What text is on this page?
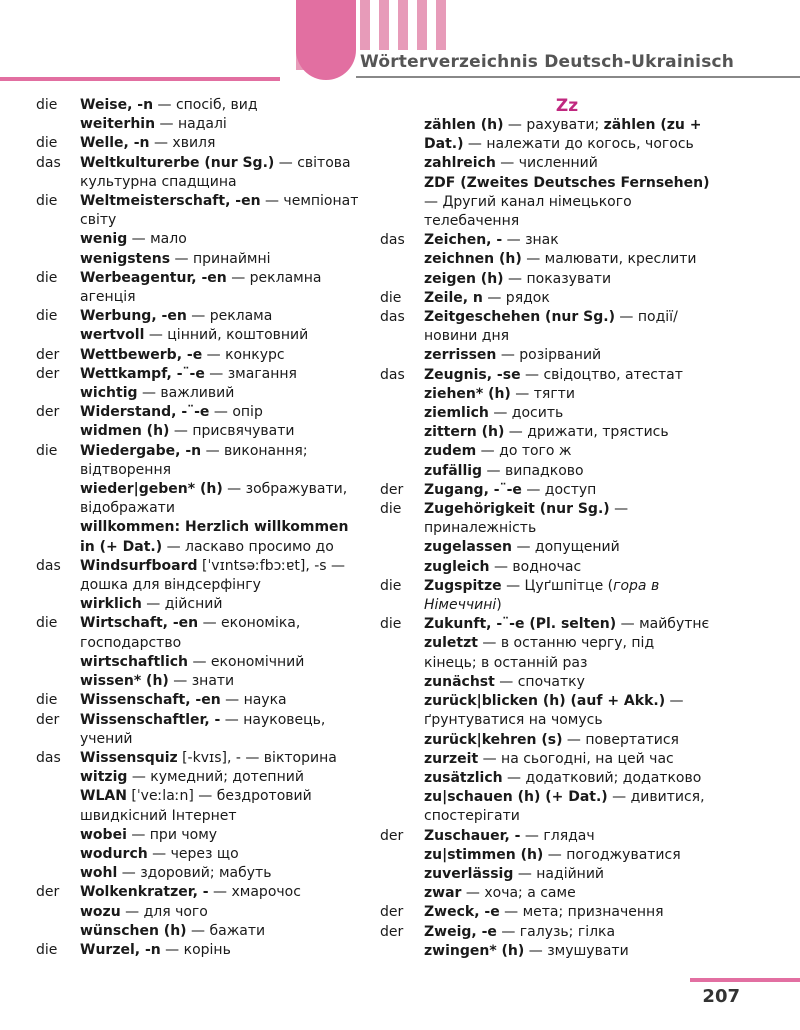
Wörterverzeichnis Deutsch-Ukrainisch
die	Weise, -n — спосіб, вид
weiterhin — надалі
die	Welle, -n — хвиля
das	Weltkulturerbe (nur Sg.) — світова культурна спадщина
die	Weltmeisterschaft, -en — чемпіонат світу
wenig — мало
wenigstens — принаймні
die	Werbeagentur, -en — рекламна агенція
die	Werbung, -en — реклама
wertvoll — цінний, коштовний
der	Wettbewerb, -e — конкурс
der	Wettkampf, -¨-e — змагання
wichtig — важливий
der	Widerstand, -¨-e — опір
widmen (h) — присвячувати
die	Wiedergabe, -n — виконання; відтворення
wieder|geben* (h) — зображувати, відображати
willkommen: Herzlich willkommen in (+ Dat.) — ласкаво просимо до
das	Windsurfboard [ˈvɪntsəːfbɔːɐt], -s — дошка для віндсерфінгу
wirklich — дійсний
die	Wirtschaft, -en — економіка, господарство
wirtschaftlich — економічний
wissen* (h) — знати
die	Wissenschaft, -en — наука
der	Wissenschaftler, - — науковець, учений
das	Wissensquiz [-kvɪs], - — вікторина
witzig — кумедний; дотепний
WLAN [ˈveːlaːn] — бездротовий швидкісний Інтернет
wobei — при чому
wodurch — через що
wohl — здоровий; мабуть
der	Wolkenkratzer, - — хмарочос
wozu — для чого
wünschen (h) — бажати
die	Wurzel, -n — корінь
Zz
zählen (h) — рахувати; zählen (zu + Dat.) — належати до когось, чогось
zahlreich — численний
ZDF (Zweites Deutsches Fernsehen) — Другий канал німецького телебачення
das	Zeichen, - — знак
zeichnen (h) — малювати, креслити
zeigen (h) — показувати
die	Zeile, n — рядок
das	Zeitgeschehen (nur Sg.) — події/ новини дня
zerrissen — розірваний
das	Zeugnis, -se — свідоцтво, атестат
ziehen* (h) — тягти
ziemlich — досить
zittern (h) — дрижати, трястись
zudem — до того ж
zufällig — випадково
der	Zugang, -¨-e — доступ
die	Zugehörigkeit (nur Sg.) — приналежність
zugelassen — допущений
zugleich — водночас
die	Zugspitze — Цуґшпітце (гора в Німеччині)
die	Zukunft, -¨-e (Pl. selten) — майбутнє
zuletzt — в останню чергу, під кінець; в останній раз
zunächst — спочатку
zurück|blicken (h) (auf + Akk.) — ґрунтуватися на чомусь
zurück|kehren (s) — повертатися
zurzeit — на сьогодні, на цей час
zusätzlich — додатковий; додатково
zu|schauen (h) (+ Dat.) — дивитися, спостерігати
der	Zuschauer, - — глядач
zu|stimmen (h) — погоджуватися
zuverlässig — надійний
zwar — хоча; а саме
der	Zweck, -e — мета; призначення
der	Zweig, -e — галузь; гілка
zwingen* (h) — змушувати
207
